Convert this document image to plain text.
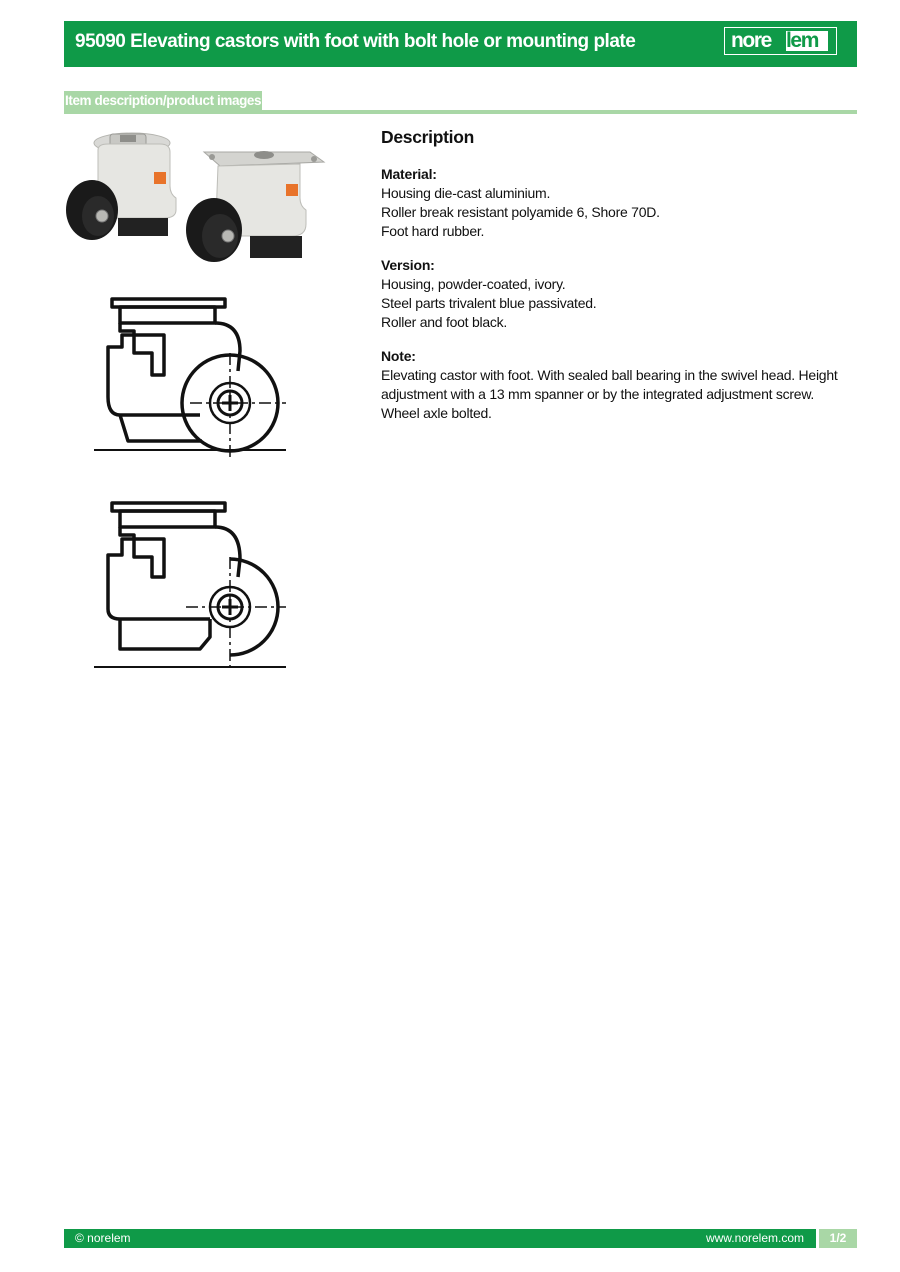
95090 Elevating castors with foot with bolt hole or mounting plate	nore lem
Item description/product images
Description
Material:
Housing die-cast aluminium.
Roller break resistant polyamide 6, Shore 70D.
Foot hard rubber.
Version:
Housing, powder-coated, ivory.
Steel parts trivalent blue passivated.
Roller and foot black.
Note:
Elevating castor with foot. With sealed ball bearing in the swivel head. Height adjustment with a 13 mm spanner or by the integrated adjustment screw. Wheel axle bolted.
© norelem	www.norelem.com	1/2
